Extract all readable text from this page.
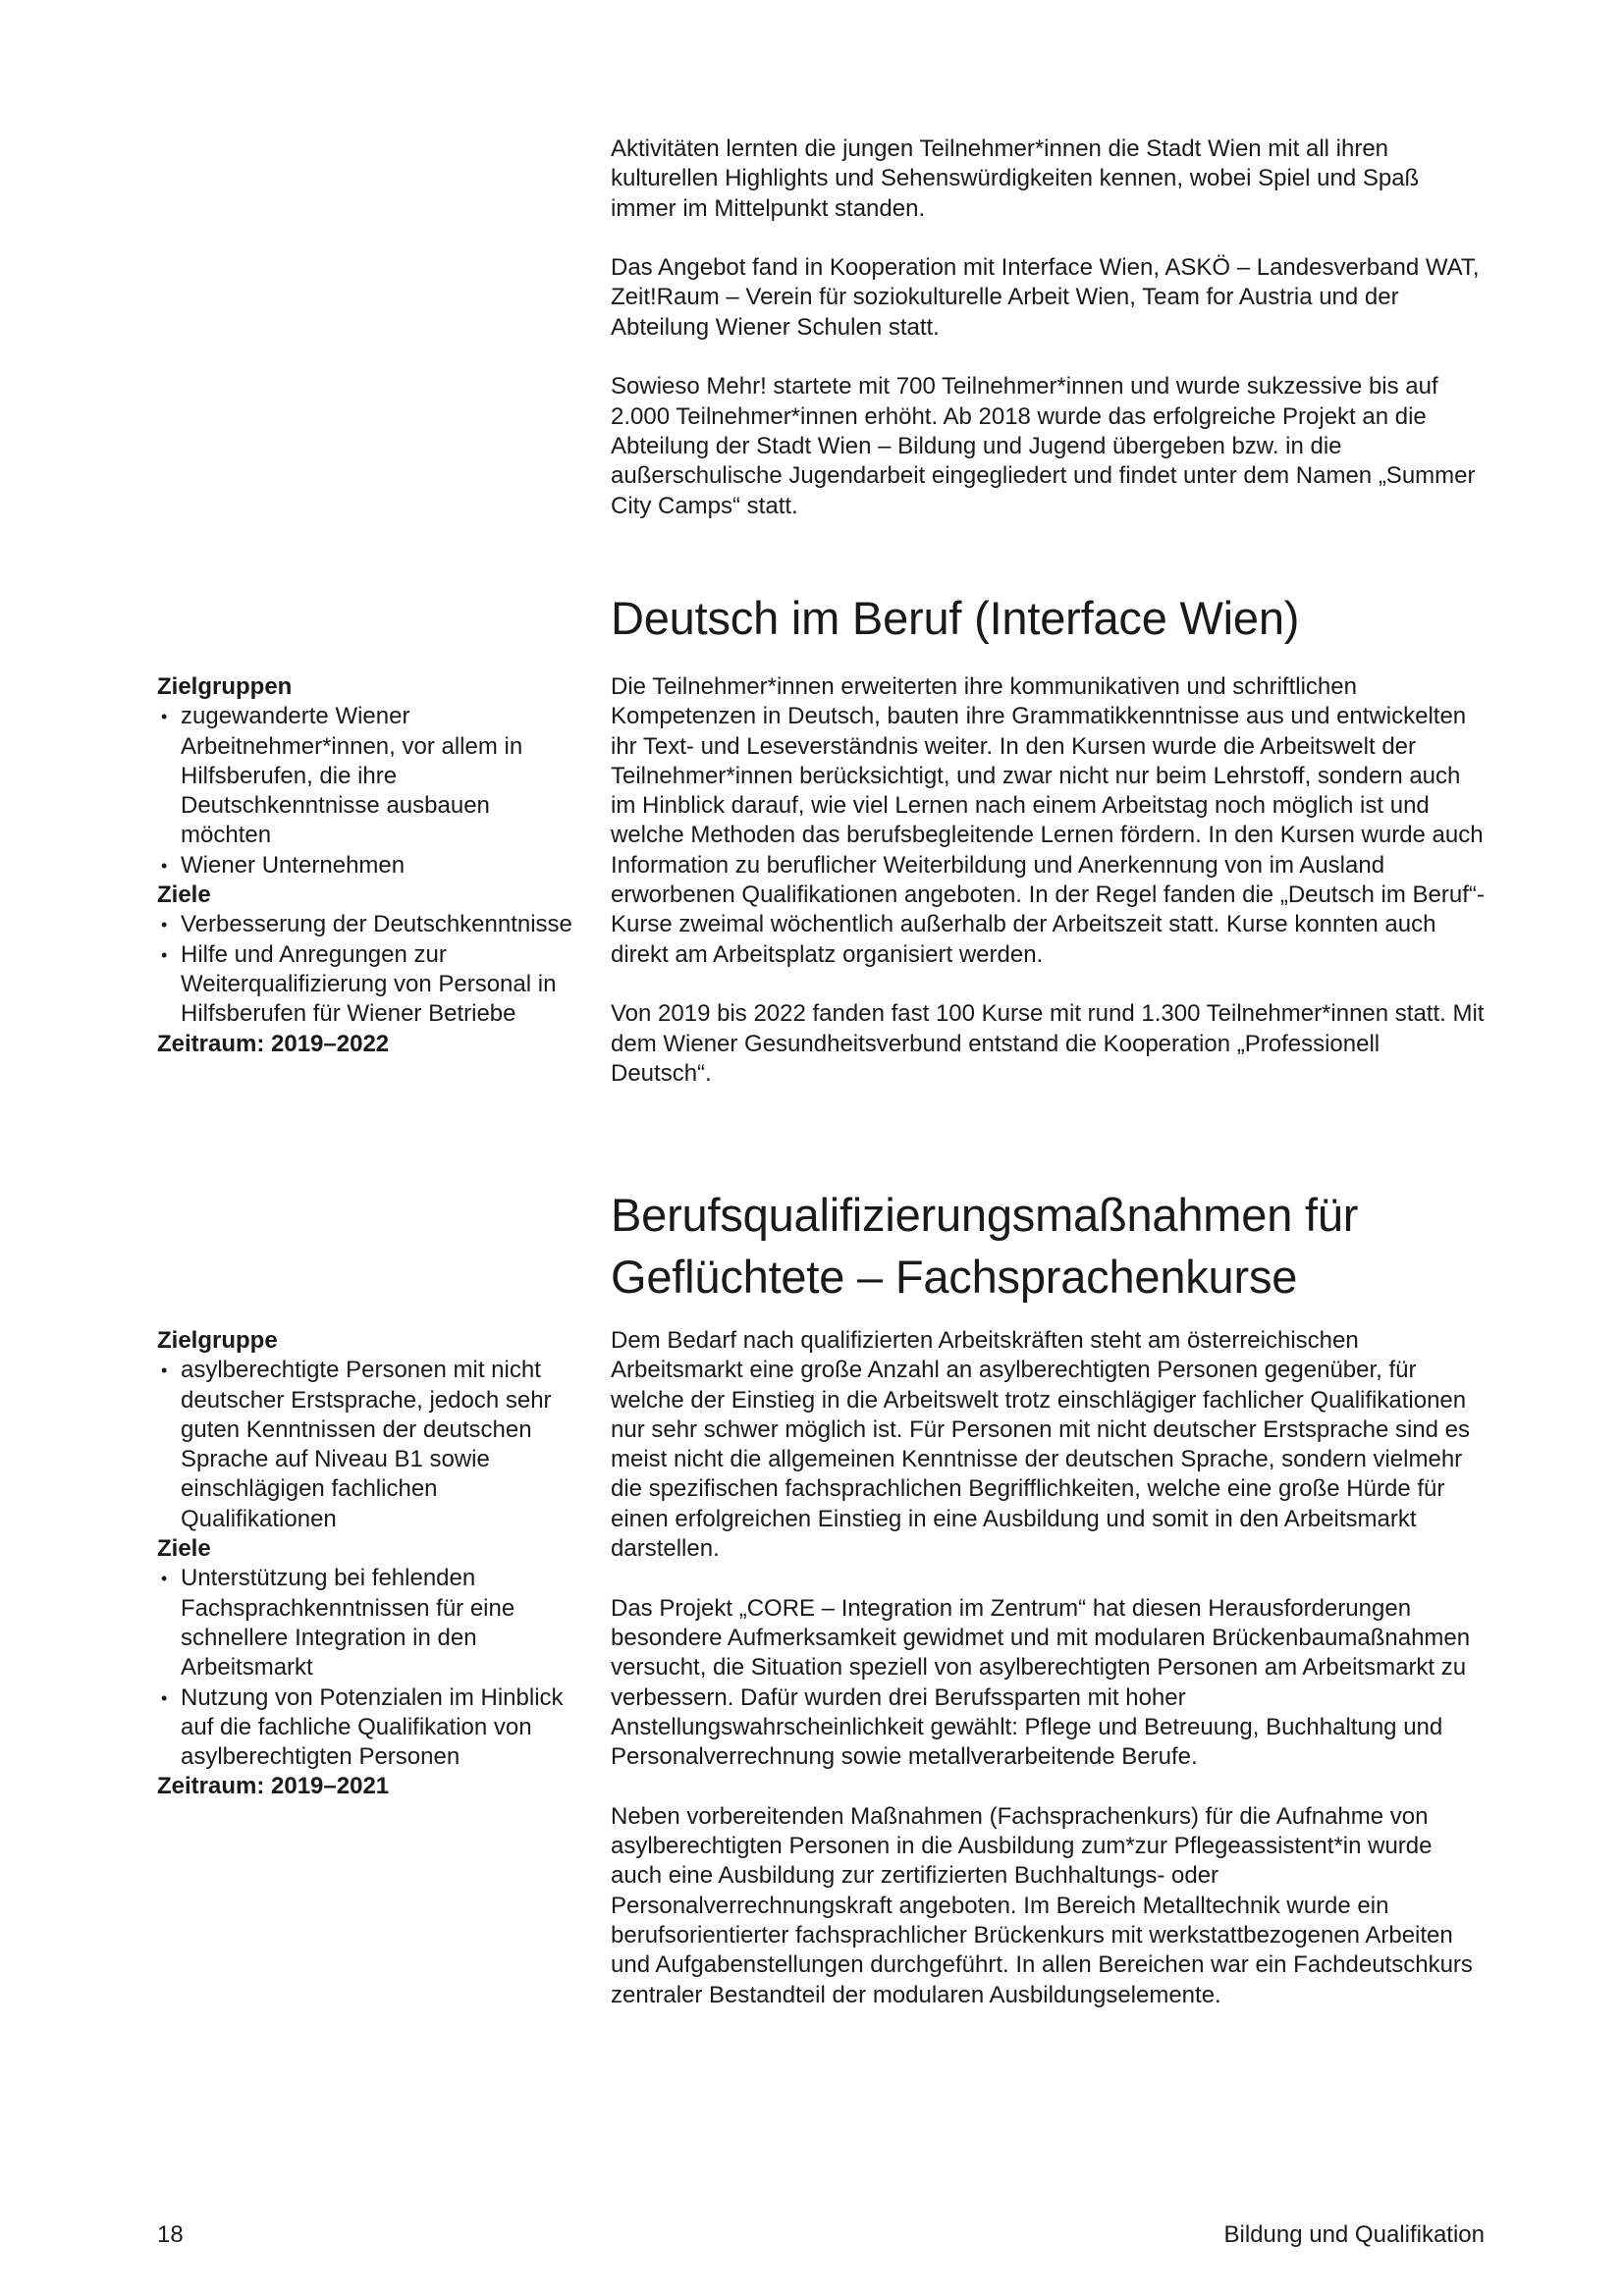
Aktivitäten lernten die jungen Teilnehmer*innen die Stadt Wien mit all ihren kulturellen Highlights und Sehenswürdigkeiten kennen, wobei Spiel und Spaß immer im Mittelpunkt standen.

Das Angebot fand in Kooperation mit Interface Wien, ASKÖ – Landesverband WAT, Zeit!Raum – Verein für soziokulturelle Arbeit Wien, Team for Austria und der Abteilung Wiener Schulen statt.

Sowieso Mehr! startete mit 700 Teilnehmer*innen und wurde sukzessive bis auf 2.000 Teilnehmer*innen erhöht. Ab 2018 wurde das erfolgreiche Projekt an die Abteilung der Stadt Wien – Bildung und Jugend übergeben bzw. in die außerschulische Jugendarbeit eingegliedert und findet unter dem Namen „Summer City Camps“ statt.

Deutsch im Beruf (Interface Wien)
Zielgruppen
• zugewanderte Wiener Arbeitnehmer*innen, vor allem in Hilfsberufen, die ihre Deutschkenntnisse ausbauen möchten
• Wiener Unternehmen
Ziele
• Verbesserung der Deutschkenntnisse
• Hilfe und Anregungen zur Weiterqualifizierung von Personal in Hilfsberufen für Wiener Betriebe
Zeitraum: 2019–2022

Die Teilnehmer*innen erweiterten ihre kommunikativen und schriftlichen Kompetenzen in Deutsch, bauten ihre Grammatikkenntnisse aus und entwickelten ihr Text- und Leseverständnis weiter. In den Kursen wurde die Arbeitswelt der Teilnehmer*innen berücksichtigt, und zwar nicht nur beim Lehrstoff, sondern auch im Hinblick darauf, wie viel Lernen nach einem Arbeitstag noch möglich ist und welche Methoden das berufsbegleitende Lernen fördern. In den Kursen wurde auch Information zu beruflicher Weiterbildung und Anerkennung von im Ausland erworbenen Qualifikationen angeboten. In der Regel fanden die „Deutsch im Beruf“-Kurse zweimal wöchentlich außerhalb der Arbeitszeit statt. Kurse konnten auch direkt am Arbeitsplatz organisiert werden.

Von 2019 bis 2022 fanden fast 100 Kurse mit rund 1.300 Teilnehmer*innen statt. Mit dem Wiener Gesundheitsverbund entstand die Kooperation „Professionell Deutsch“.

Berufsqualifizierungsmaßnahmen für
Geflüchtete – Fachsprachenkurse
Zielgruppe
• asylberechtigte Personen mit nicht deutscher Erstsprache, jedoch sehr guten Kenntnissen der deutschen Sprache auf Niveau B1 sowie einschlägigen fachlichen Qualifikationen
Ziele
• Unterstützung bei fehlenden Fachsprachkenntnissen für eine schnellere Integration in den Arbeitsmarkt
• Nutzung von Potenzialen im Hinblick auf die fachliche Qualifikation von asylberechtigten Personen
Zeitraum: 2019–2021

Dem Bedarf nach qualifizierten Arbeitskräften steht am österreichischen Arbeitsmarkt eine große Anzahl an asylberechtigten Personen gegenüber, für welche der Einstieg in die Arbeitswelt trotz einschlägiger fachlicher Qualifikationen nur sehr schwer möglich ist. Für Personen mit nicht deutscher Erstsprache sind es meist nicht die allgemeinen Kenntnisse der deutschen Sprache, sondern vielmehr die spezifischen fachsprachlichen Begrifflichkeiten, welche eine große Hürde für einen erfolgreichen Einstieg in eine Ausbildung und somit in den Arbeitsmarkt darstellen.

Das Projekt „CORE – Integration im Zentrum“ hat diesen Herausforderungen besondere Aufmerksamkeit gewidmet und mit modularen Brückenbaumaßnahmen versucht, die Situation speziell von asylberechtigten Personen am Arbeitsmarkt zu verbessern. Dafür wurden drei Berufssparten mit hoher Anstellungswahrscheinlichkeit gewählt: Pflege und Betreuung, Buchhaltung und Personalverrechnung sowie metallverarbeitende Berufe.

Neben vorbereitenden Maßnahmen (Fachsprachenkurs) für die Aufnahme von asylberechtigten Personen in die Ausbildung zum*zur Pflegeassistent*in wurde auch eine Ausbildung zur zertifizierten Buchhaltungs- oder Personalverrechnungskraft angeboten. Im Bereich Metalltechnik wurde ein berufsorientierter fachsprachlicher Brückenkurs mit werkstattbezogenen Arbeiten und Aufgabenstellungen durchgeführt. In allen Bereichen war ein Fachdeutschkurs zentraler Bestandteil der modularen Ausbildungselemente.

18	Bildung und Qualifikation
